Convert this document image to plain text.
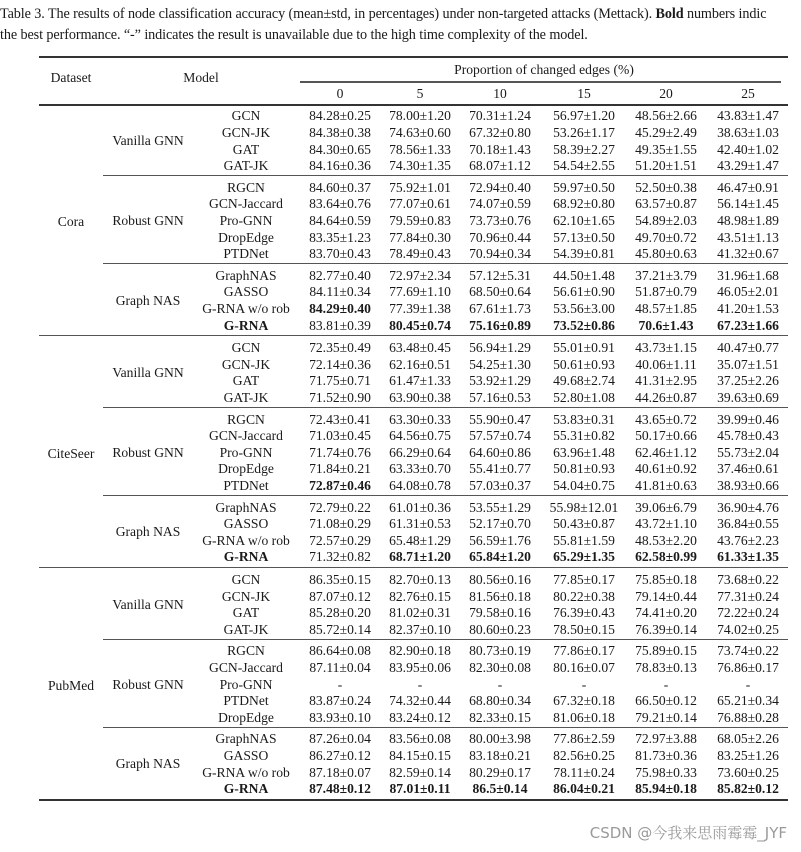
Table 3. The results of node classification accuracy (mean±std, in percentages) under non-targeted attacks (Mettack). Bold numbers indic
the best performance. “-” indicates the result is unavailable due to the high time complexity of the model.
Dataset	Model
Proportion of changed edges (%)
0	5	10	15	20	25
GCN	84.28±0.25 78.00±1.20 70.31±1.24 56.97±1.20 48.56±2.66 43.83±1.47
GCN-JK	84.38±0.38 74.63±0.60 67.32±0.80 53.26±1.17 45.29±2.49 38.63±1.03
GAT	84.30±0.65 78.56±1.33 70.18±1.43 58.39±2.27 49.35±1.55 42.40±1.02
GAT-JK	84.16±0.36 74.30±1.35 68.07±1.12 54.54±2.55 51.20±1.51 43.29±1.47
Vanilla GNN
RGCN	84.60±0.37 75.92±1.01 72.94±0.40 59.97±0.50 52.50±0.38 46.47±0.91
GCN-Jaccard 83.64±0.76 77.07±0.61 74.07±0.59 68.92±0.80 63.57±0.87 56.14±1.45
Pro-GNN	84.64±0.59 79.59±0.83 73.73±0.76 62.10±1.65 54.89±2.03 48.98±1.89
DropEdge	83.35±1.23 77.84±0.30 70.96±0.44 57.13±0.50 49.70±0.72 43.51±1.13
PTDNet	83.70±0.43 78.49±0.43 70.94±0.34 54.39±0.81 45.80±0.63 41.32±0.67
Robust GNN
GraphNAS 82.77±0.40 72.97±2.34 57.12±5.31 44.50±1.48 37.21±3.79 31.96±1.68
GASSO	84.11±0.34 77.69±1.10 68.50±0.64 56.61±0.90 51.87±0.79 46.05±2.01
G-RNA w/o rob 84.29±0.40 77.39±1.38 67.61±1.73 53.56±3.00 48.57±1.85 41.20±1.53
G-RNA	83.81±0.39 80.45±0.74 75.16±0.89 73.52±0.86 70.6±1.43 67.23±1.66
Graph NAS
Cora
GCN	72.35±0.49 63.48±0.45 56.94±1.29 55.01±0.91 43.73±1.15 40.47±0.77
GCN-JK	72.14±0.36 62.16±0.51 54.25±1.30 50.61±0.93 40.06±1.11 35.07±1.51
GAT	71.75±0.71 61.47±1.33 53.92±1.29 49.68±2.74 41.31±2.95 37.25±2.26
GAT-JK	71.52±0.90 63.90±0.38 57.16±0.53 52.80±1.08 44.26±0.87 39.63±0.69
Vanilla GNN
RGCN	72.43±0.41 63.30±0.33 55.90±0.47 53.83±0.31 43.65±0.72 39.99±0.46
GCN-Jaccard 71.03±0.45 64.56±0.75 57.57±0.74 55.31±0.82 50.17±0.66 45.78±0.43
Pro-GNN	71.74±0.76 66.29±0.64 64.60±0.86 63.96±1.48 62.46±1.12 55.73±2.04
DropEdge	71.84±0.21 63.33±0.70 55.41±0.77 50.81±0.93 40.61±0.92 37.46±0.61
PTDNet	72.87±0.46 64.08±0.78 57.03±0.37 54.04±0.75 41.81±0.63 38.93±0.66
Robust GNN
GraphNAS 72.79±0.22 61.01±0.36 53.55±1.29 55.98±12.01 39.06±6.79 36.90±4.76
GASSO	71.08±0.29 61.31±0.53 52.17±0.70 50.43±0.87 43.72±1.10 36.84±0.55
G-RNA w/o rob 72.57±0.29 65.48±1.29 56.59±1.76 55.81±1.59 48.53±2.20 43.76±2.23
G-RNA	71.32±0.82 68.71±1.20 65.84±1.20 65.29±1.35 62.58±0.99 61.33±1.35
Graph NAS
CiteSeer
GCN	86.35±0.15 82.70±0.13 80.56±0.16 77.85±0.17 75.85±0.18 73.68±0.22
GCN-JK	87.07±0.12 82.76±0.15 81.56±0.18 80.22±0.38 79.14±0.44 77.31±0.24
GAT	85.28±0.20 81.02±0.31 79.58±0.16 76.39±0.43 74.41±0.20 72.22±0.24
GAT-JK	85.72±0.14 82.37±0.10 80.60±0.23 78.50±0.15 76.39±0.14 74.02±0.25
Vanilla GNN
RGCN	86.64±0.08 82.90±0.18 80.73±0.19 77.86±0.17 75.89±0.15 73.74±0.22
GCN-Jaccard 87.11±0.04 83.95±0.06 82.30±0.08 80.16±0.07 78.83±0.13 76.86±0.17
Pro-GNN	-	-	-	-	-	-
PTDNet	83.87±0.24 74.32±0.44 68.80±0.34 67.32±0.18 66.50±0.12 65.21±0.34
DropEdge	83.93±0.10 83.24±0.12 82.33±0.15 81.06±0.18 79.21±0.14 76.88±0.28
Robust GNN
GraphNAS 87.26±0.04 83.56±0.08 80.00±3.98 77.86±2.59 72.97±3.88 68.05±2.26
GASSO	86.27±0.12 84.15±0.15 83.18±0.21 82.56±0.25 81.73±0.36 83.25±1.26
G-RNA w/o rob 87.18±0.07 82.59±0.14 80.29±0.17 78.11±0.24 75.98±0.33 73.60±0.25
G-RNA	87.48±0.12 87.01±0.11 86.5±0.14 86.04±0.21 85.94±0.18 85.82±0.12
Graph NAS
PubMed
CSDN @今我来思雨霉霉_JYF
